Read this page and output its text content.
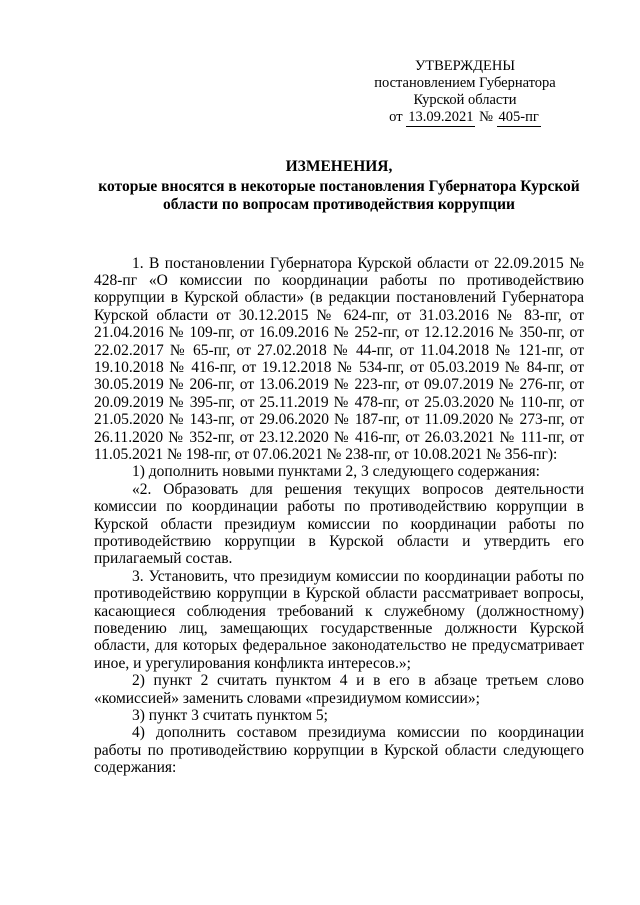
УТВЕРЖДЕНЫ
постановлением Губернатора
Курской области
от 13.09.2021 № 405-пг
ИЗМЕНЕНИЯ,
которые вносятся в некоторые постановления Губернатора Курской области по вопросам противодействия коррупции

1. В постановлении Губернатора Курской области от 22.09.2015 № 428-пг «О комиссии по координации работы по противодействию коррупции в Курской области» (в редакции постановлений Губернатора Курской области от 30.12.2015 № 624-пг, от 31.03.2016 № 83-пг, от 21.04.2016 № 109-пг, от 16.09.2016 № 252-пг, от 12.12.2016 № 350-пг, от 22.02.2017 № 65-пг, от 27.02.2018 № 44-пг, от 11.04.2018 № 121-пг, от 19.10.2018 № 416-пг, от 19.12.2018 № 534-пг, от 05.03.2019 № 84-пг, от 30.05.2019 № 206-пг, от 13.06.2019 № 223-пг, от 09.07.2019 № 276-пг, от 20.09.2019 № 395-пг, от 25.11.2019 № 478-пг, от 25.03.2020 № 110-пг, от 21.05.2020 № 143-пг, от 29.06.2020 № 187-пг, от 11.09.2020 № 273-пг, от 26.11.2020 № 352-пг, от 23.12.2020 № 416-пг, от 26.03.2021 № 111-пг, от 11.05.2021 № 198-пг, от 07.06.2021 № 238-пг, от 10.08.2021 № 356-пг):

1) дополнить новыми пунктами 2, 3 следующего содержания:

«2. Образовать для решения текущих вопросов деятельности комиссии по координации работы по противодействию коррупции в Курской области президиум комиссии по координации работы по противодействию коррупции в Курской области и утвердить его прилагаемый состав.

3. Установить, что президиум комиссии по координации работы по противодействию коррупции в Курской области рассматривает вопросы, касающиеся соблюдения требований к служебному (должностному) поведению лиц, замещающих государственные должности Курской области, для которых федеральное законодательство не предусматривает иное, и урегулирования конфликта интересов.»;

2) пункт 2 считать пунктом 4 и в его в абзаце третьем слово «комиссией» заменить словами «президиумом комиссии»;

3) пункт 3 считать пунктом 5;

4) дополнить составом президиума комиссии по координации работы по противодействию коррупции в Курской области следующего содержания:
